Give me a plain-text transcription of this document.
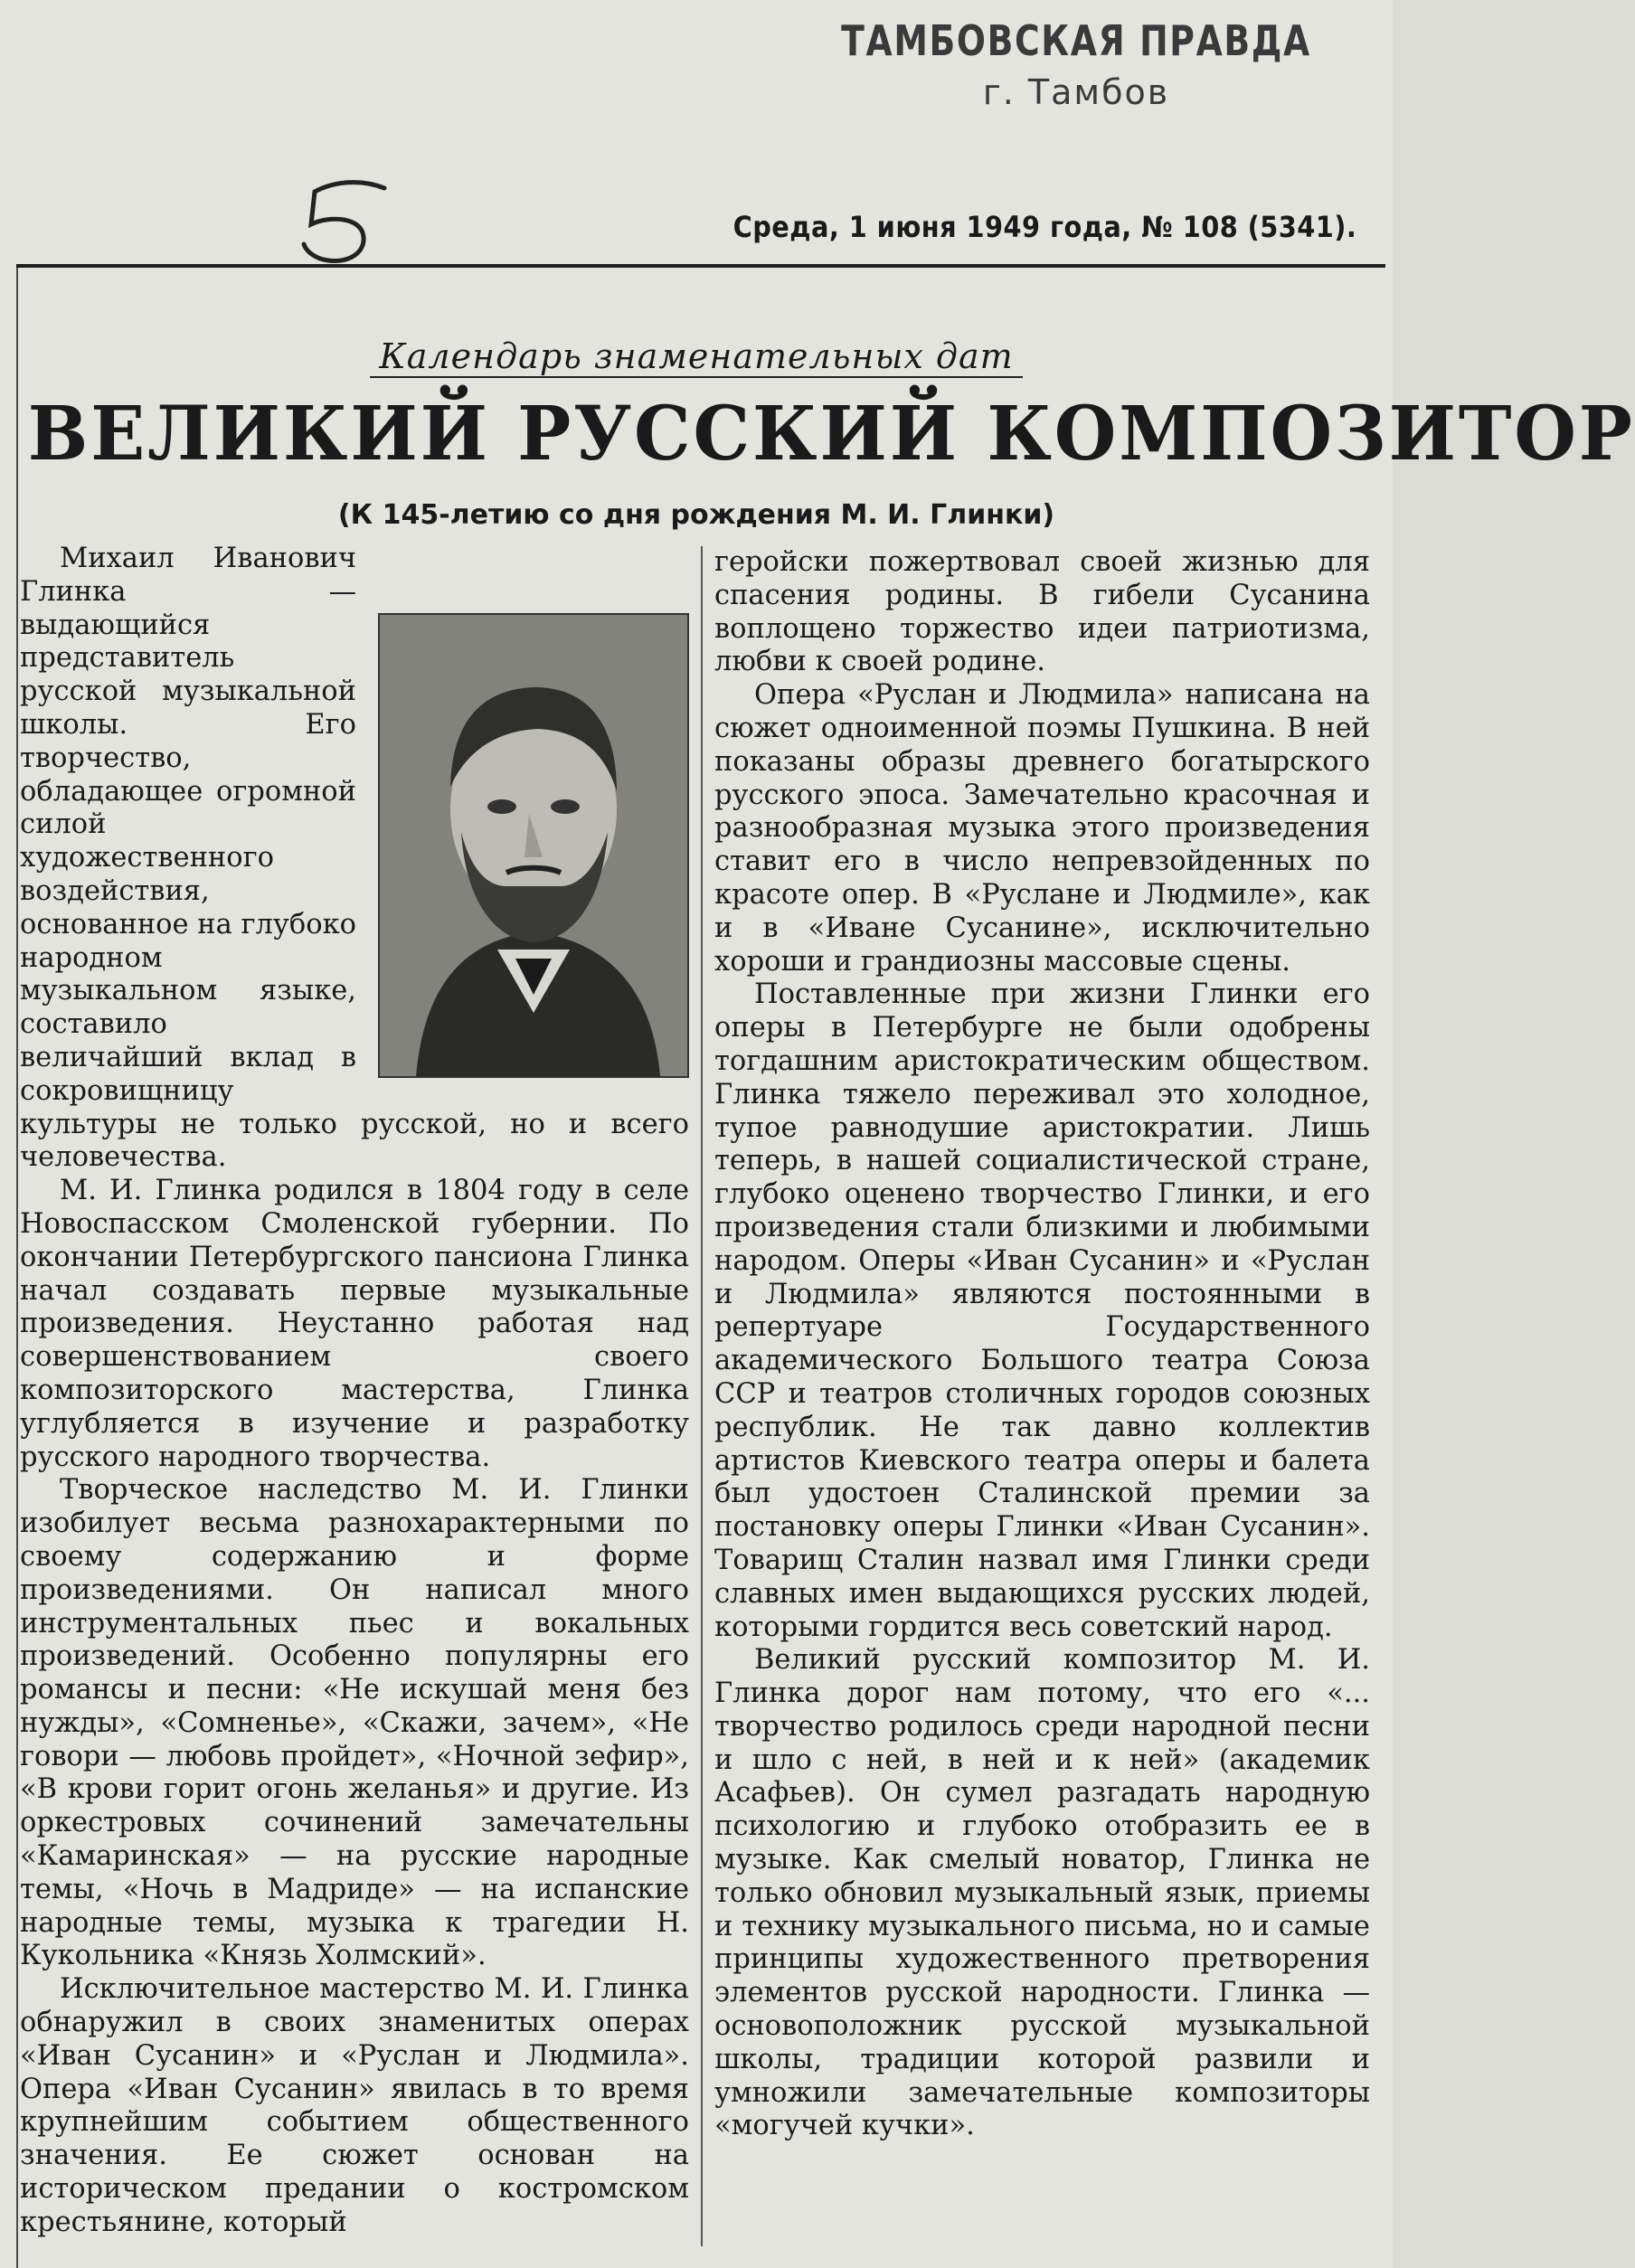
ТАМБОВСКАЯ ПРАВДА
г. Тамбов
Среда, 1 июня 1949 года, № 108 (5341).
Календарь знаменательных дат
ВЕЛИКИЙ РУССКИЙ КОМПОЗИТОР
(К 145-летию со дня рождения М. И. Глинки)

Михаил Иванович Глинка — выдающийся представитель русской музыкальной школы. Его творчество, обладающее огромной силой художественного воздействия, основанное на глубоко народном музыкальном языке, составило величайший вклад в сокровищницу культуры не только русской, но и всего человечества.

М. И. Глинка родился в 1804 году в селе Новоспасском Смоленской губернии. По окончании Петербургского пансиона Глинка начал создавать первые музыкальные произведения. Неустанно работая над совершенствованием своего композиторского мастерства, Глинка углубляется в изучение и разработку русского народного творчества.

Творческое наследство М. И. Глинки изобилует весьма разнохарактерными по своему содержанию и форме произведениями. Он написал много инструментальных пьес и вокальных произведений. Особенно популярны его романсы и песни: «Не искушай меня без нужды», «Сомненье», «Скажи, зачем», «Не говори — любовь пройдет», «Ночной зефир», «В крови горит огонь желанья» и другие. Из оркестровых сочинений замечательны «Камаринская» — на русские народные темы, «Ночь в Мадриде» — на испанские народные темы, музыка к трагедии Н. Кукольника «Князь Холмский».

Исключительное мастерство М. И. Глинка обнаружил в своих знаменитых операх «Иван Сусанин» и «Руслан и Людмила». Опера «Иван Сусанин» явилась в то время крупнейшим событием общественного значения. Ее сюжет основан на историческом предании о костромском крестьянине, который

геройски пожертвовал своей жизнью для спасения родины. В гибели Сусанина воплощено торжество идеи патриотизма, любви к своей родине.

Опера «Руслан и Людмила» написана на сюжет одноименной поэмы Пушкина. В ней показаны образы древнего богатырского русского эпоса. Замечательно красочная и разнообразная музыка этого произведения ставит его в число непревзойденных по красоте опер. В «Руслане и Людмиле», как и в «Иване Сусанине», исключительно хороши и грандиозны массовые сцены.

Поставленные при жизни Глинки его оперы в Петербурге не были одобрены тогдашним аристократическим обществом. Глинка тяжело переживал это холодное, тупое равнодушие аристократии. Лишь теперь, в нашей социалистической стране, глубоко оценено творчество Глинки, и его произведения стали близкими и любимыми народом. Оперы «Иван Сусанин» и «Руслан и Людмила» являются постоянными в репертуаре Государственного академического Большого театра Союза ССР и театров столичных городов союзных республик. Не так давно коллектив артистов Киевского театра оперы и балета был удостоен Сталинской премии за постановку оперы Глинки «Иван Сусанин». Товарищ Сталин назвал имя Глинки среди славных имен выдающихся русских людей, которыми гордится весь советский народ.

Великий русский композитор М. И. Глинка дорог нам потому, что его «... творчество родилось среди народной песни и шло с ней, в ней и к ней» (академик Асафьев). Он сумел разгадать народную психологию и глубоко отобразить ее в музыке. Как смелый новатор, Глинка не только обновил музыкальный язык, приемы и технику музыкального письма, но и самые принципы художественного претворения элементов русской народности. Глинка — основоположник русской музыкальной школы, традиции которой развили и умножили замечательные композиторы «могучей кучки».
